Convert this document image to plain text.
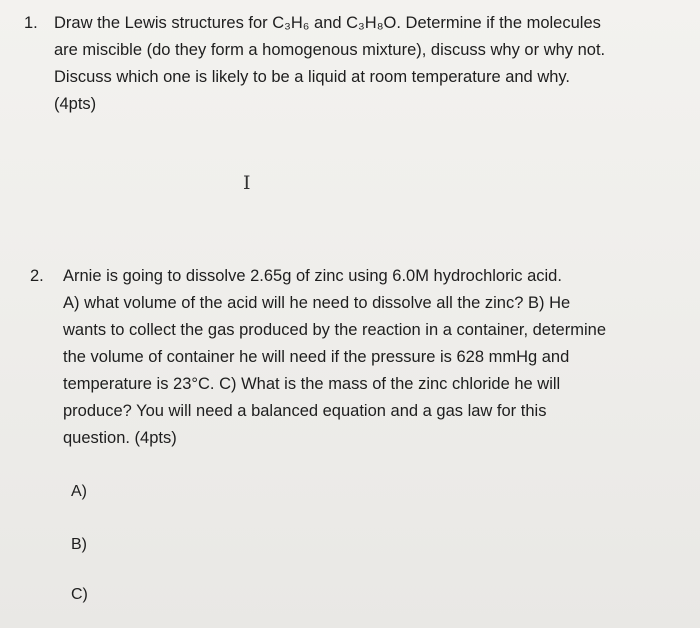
1. Draw the Lewis structures for C₃H₆ and C₃H₈O. Determine if the molecules
are miscible (do they form a homogenous mixture), discuss why or why not.
Discuss which one is likely to be a liquid at room temperature and why.
(4pts)
I
2. Arnie is going to dissolve 2.65g of zinc using 6.0M hydrochloric acid.
A) what volume of the acid will he need to dissolve all the zinc? B) He
wants to collect the gas produced by the reaction in a container, determine
the volume of container he will need if the pressure is 628 mmHg and
temperature is 23°C. C) What is the mass of the zinc chloride he will
produce? You will need a balanced equation and a gas law for this
question. (4pts)
A)
B)
C)
